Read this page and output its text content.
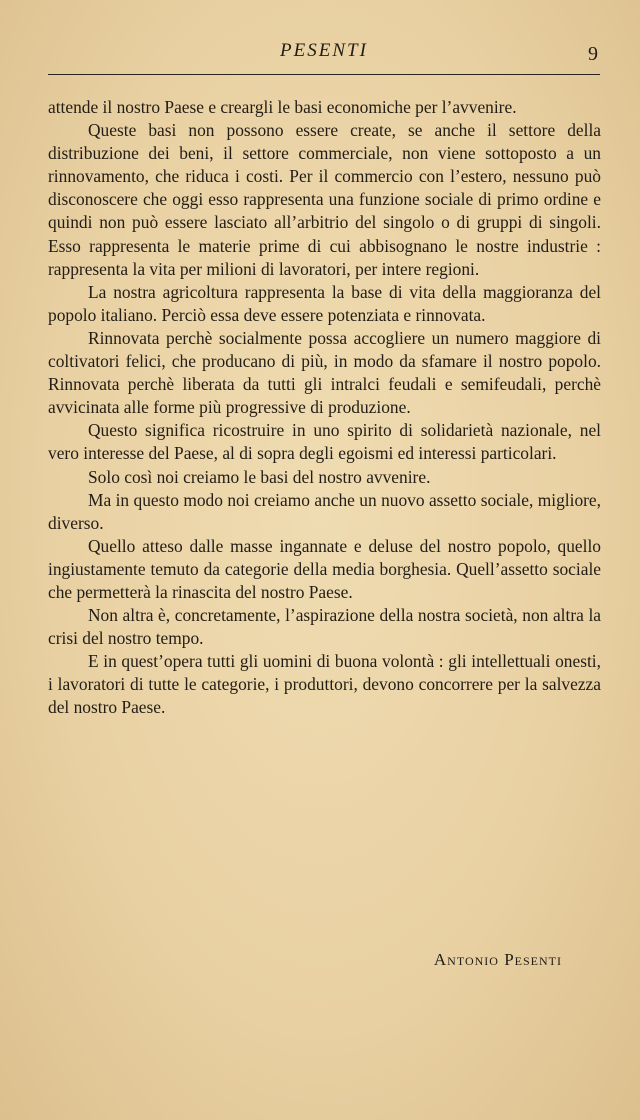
PESENTI	9

attende il nostro Paese e creargli le basi economiche per l’avvenire.

Queste basi non possono essere create, se anche il settore della distribuzione dei beni, il settore commerciale, non viene sottoposto a un rinnovamento, che riduca i costi. Per il commercio con l’estero, nessuno può disconoscere che oggi esso rappresenta una funzione sociale di primo ordine e quindi non può essere lasciato all’arbitrio del singolo o di gruppi di singoli. Esso rappresenta le materie prime di cui abbisognano le nostre industrie : rappresenta la vita per milioni di lavoratori, per intere regioni.

La nostra agricoltura rappresenta la base di vita della maggioranza del popolo italiano. Perciò essa deve essere potenziata e rinnovata.

Rinnovata perchè socialmente possa accogliere un numero maggiore di coltivatori felici, che producano di più, in modo da sfamare il nostro popolo. Rinnovata perchè liberata da tutti gli intralci feudali e semifeudali, perchè avvicinata alle forme più progressive di produzione.

Questo significa ricostruire in uno spirito di solidarietà nazionale, nel vero interesse del Paese, al di sopra degli egoismi ed interessi particolari.

Solo così noi creiamo le basi del nostro avvenire.

Ma in questo modo noi creiamo anche un nuovo assetto sociale, migliore, diverso.

Quello atteso dalle masse ingannate e deluse del nostro popolo, quello ingiustamente temuto da categorie della media borghesia. Quell’assetto sociale che permetterà la rinascita del nostro Paese.

Non altra è, concretamente, l’aspirazione della nostra società, non altra la crisi del nostro tempo.

E in quest’opera tutti gli uomini di buona volontà : gli intellettuali onesti, i lavoratori di tutte le categorie, i produttori, devono concorrere per la salvezza del nostro Paese.

Antonio Pesenti
